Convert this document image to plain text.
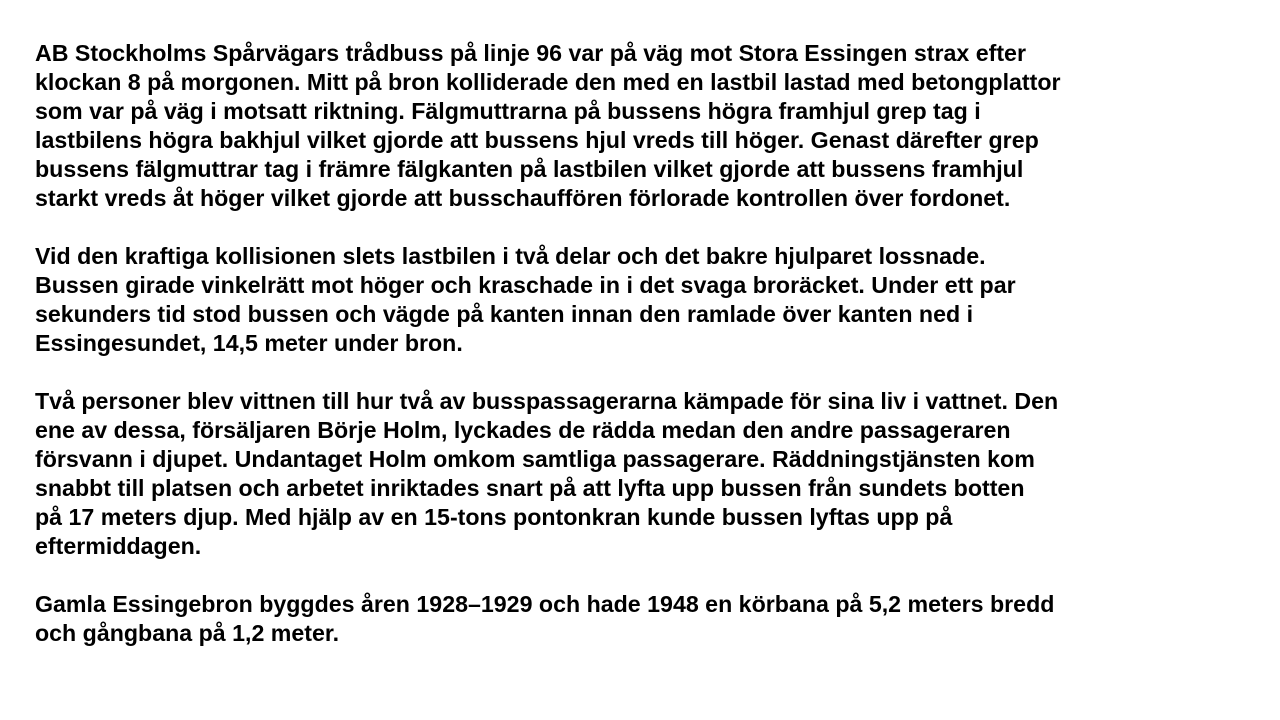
AB Stockholms Spårvägars trådbuss på linje 96 var på väg mot Stora Essingen strax efter
klockan 8 på morgonen. Mitt på bron kolliderade den med en lastbil lastad med betongplattor
som var på väg i motsatt riktning. Fälgmuttrarna på bussens högra framhjul grep tag i
lastbilens högra bakhjul vilket gjorde att bussens hjul vreds till höger. Genast därefter grep
bussens fälgmuttrar tag i främre fälgkanten på lastbilen vilket gjorde att bussens framhjul
starkt vreds åt höger vilket gjorde att busschauffören förlorade kontrollen över fordonet.

Vid den kraftiga kollisionen slets lastbilen i två delar och det bakre hjulparet lossnade.
Bussen girade vinkelrätt mot höger och kraschade in i det svaga broräcket. Under ett par
sekunders tid stod bussen och vägde på kanten innan den ramlade över kanten ned i
Essingesundet, 14,5 meter under bron.

Två personer blev vittnen till hur två av busspassagerarna kämpade för sina liv i vattnet. Den
ene av dessa, försäljaren Börje Holm, lyckades de rädda medan den andre passageraren
försvann i djupet. Undantaget Holm omkom samtliga passagerare. Räddningstjänsten kom
snabbt till platsen och arbetet inriktades snart på att lyfta upp bussen från sundets botten
på 17 meters djup. Med hjälp av en 15-tons pontonkran kunde bussen lyftas upp på
eftermiddagen.

Gamla Essingebron byggdes åren 1928–1929 och hade 1948 en körbana på 5,2 meters bredd
och gångbana på 1,2 meter.
